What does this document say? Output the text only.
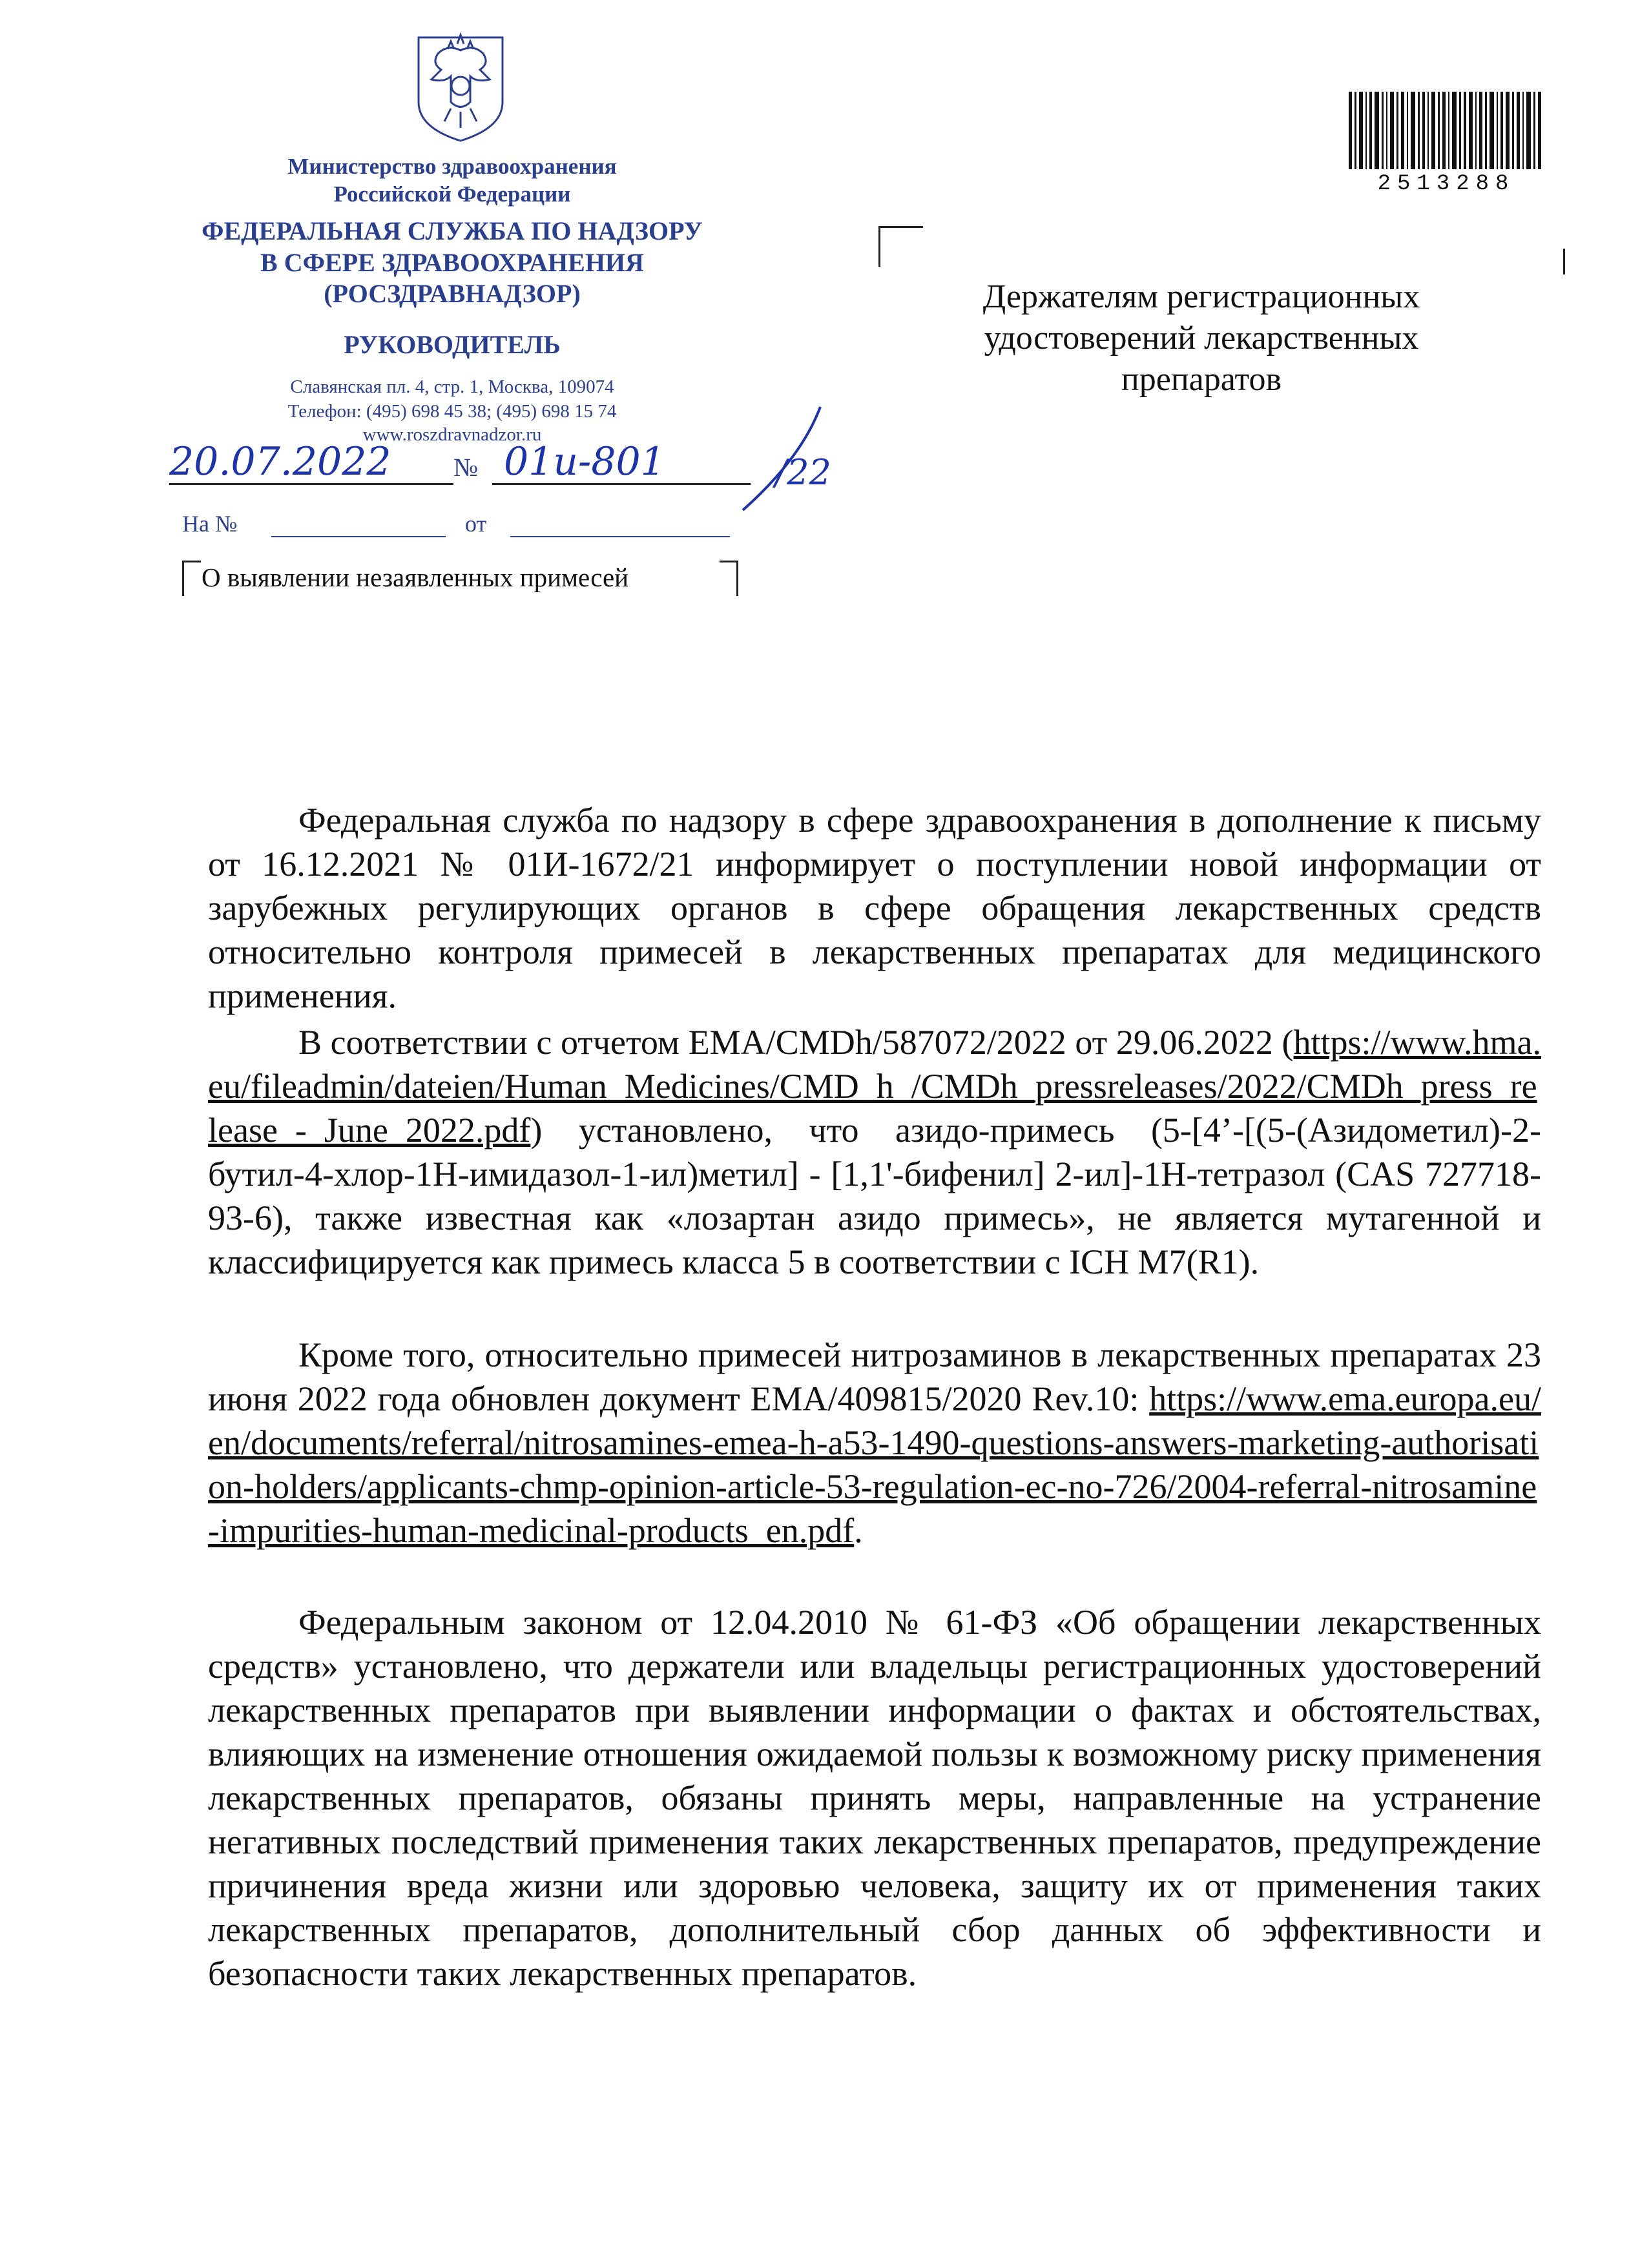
Министерство здравоохранения
Российской Федерации
ФЕДЕРАЛЬНАЯ СЛУЖБА ПО НАДЗОРУ
В СФЕРЕ ЗДРАВООХРАНЕНИЯ
(РОСЗДРАВНАДЗОР)
РУКОВОДИТЕЛЬ
Славянская пл. 4, стр. 1, Москва, 109074
Телефон: (495) 698 45 38; (495) 698 15 74
www.roszdravnadzor.ru
20.07.2022 № 01и-801	/22
На №	от
О выявлении незаявленных примесей
2513288
Держателям регистрационных
удостоверений лекарственных
препаратов

Федеральная служба по надзору в сфере здравоохранения в дополнение к письму от 16.12.2021 № 01И-1672/21 информирует о поступлении новой информации от зарубежных регулирующих органов в сфере обращения лекарственных средств относительно контроля примесей в лекарственных препаратах для медицинского применения.

В соответствии с отчетом EMA/CMDh/587072/2022 от 29.06.2022 (https://www.hma.eu/fileadmin/dateien/Human_Medicines/CMD_h_/CMDh_pressreleases/2022/CMDh_press_release_-_June_2022.pdf) установлено, что азидо-примесь (5-[4’-[(5-(Азидометил)-2-бутил-4-хлор-1Н-имидазол-1-ил)метил] - [1,1'-бифенил] 2-ил]-1Н-тетразол (CAS 727718-93-6), также известная как «лозартан азидо примесь», не является мутагенной и классифицируется как примесь класса 5 в соответствии с ICH M7(R1).

Кроме того, относительно примесей нитрозаминов в лекарственных препаратах 23 июня 2022 года обновлен документ EMA/409815/2020 Rev.10: https://www.ema.europa.eu/en/documents/referral/nitrosamines-emea-h-a53-1490-questions-answers-marketing-authorisation-holders/applicants-chmp-opinion-article-53-regulation-ec-no-726/2004-referral-nitrosamine-impurities-human-medicinal-products_en.pdf.

Федеральным законом от 12.04.2010 № 61-ФЗ «Об обращении лекарственных средств» установлено, что держатели или владельцы регистрационных удостоверений лекарственных препаратов при выявлении информации о фактах и обстоятельствах, влияющих на изменение отношения ожидаемой пользы к возможному риску применения лекарственных препаратов, обязаны принять меры, направленные на устранение негативных последствий применения таких лекарственных препаратов, предупреждение причинения вреда жизни или здоровью человека, защиту их от применения таких лекарственных препаратов, дополнительный сбор данных об эффективности и безопасности таких лекарственных препаратов.
